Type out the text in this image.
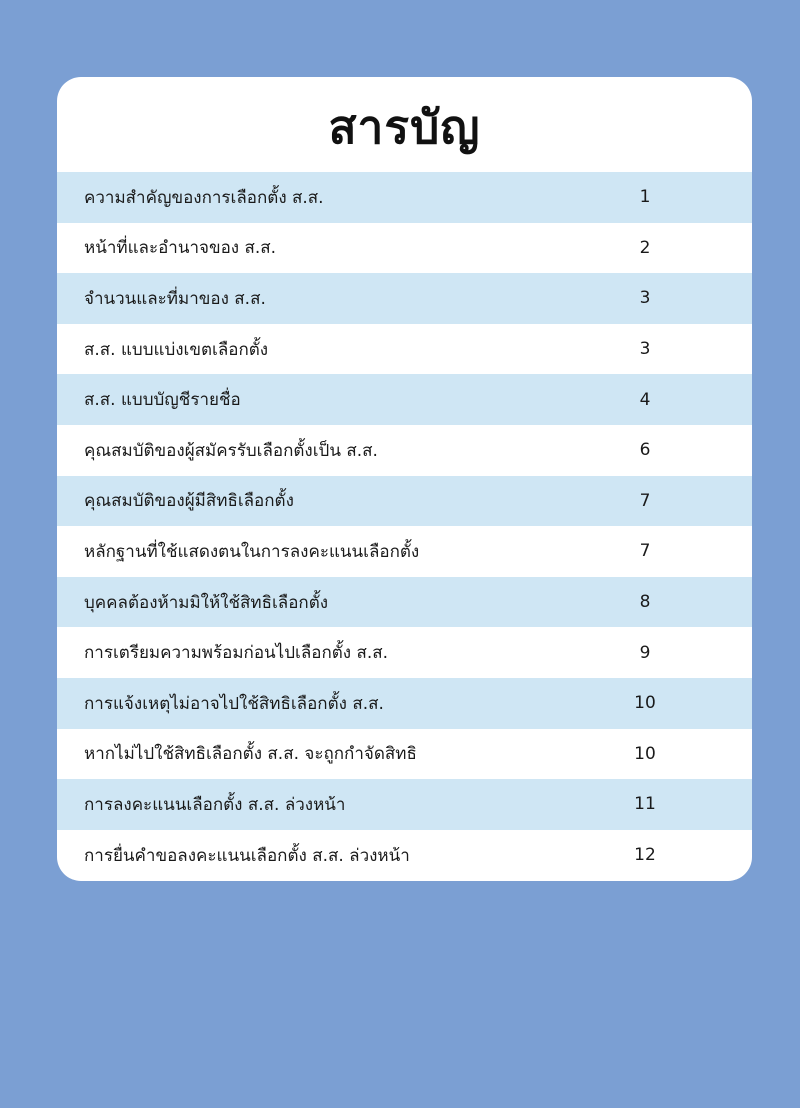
สารบัญ
ความสำคัญของการเลือกตั้ง ส.ส.	1
หน้าที่และอำนาจของ ส.ส.	2
จำนวนและที่มาของ ส.ส.	3
ส.ส. แบบแบ่งเขตเลือกตั้ง	3
ส.ส. แบบบัญชีรายชื่อ	4
คุณสมบัติของผู้สมัครรับเลือกตั้งเป็น ส.ส.	6
คุณสมบัติของผู้มีสิทธิเลือกตั้ง	7
หลักฐานที่ใช้แสดงตนในการลงคะแนนเลือกตั้ง	7
บุคคลต้องห้ามมิให้ใช้สิทธิเลือกตั้ง	8
การเตรียมความพร้อมก่อนไปเลือกตั้ง ส.ส.	9
การแจ้งเหตุไม่อาจไปใช้สิทธิเลือกตั้ง ส.ส.	10
หากไม่ไปใช้สิทธิเลือกตั้ง ส.ส. จะถูกกำจัดสิทธิ	10
การลงคะแนนเลือกตั้ง ส.ส. ล่วงหน้า	11
การยื่นคำขอลงคะแนนเลือกตั้ง ส.ส. ล่วงหน้า	12
